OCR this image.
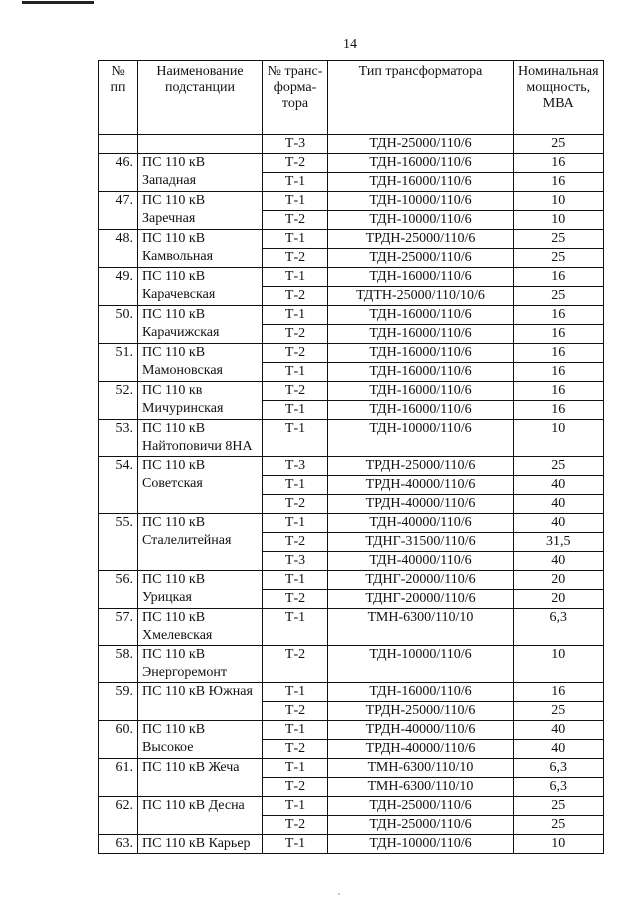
14
№ пп	Наименование подстанции	№ транс- форма- тора	Тип трансформатора	Номинальная мощность, МВА
		Т-3	ТДН-25000/110/6	25
46.	ПС 110 кВ Западная	Т-2	ТДН-16000/110/6	16
		Т-1	ТДН-16000/110/6	16
47.	ПС 110 кВ Заречная	Т-1	ТДН-10000/110/6	10
		Т-2	ТДН-10000/110/6	10
48.	ПС 110 кВ Камвольная	Т-1	ТРДН-25000/110/6	25
		Т-2	ТДН-25000/110/6	25
49.	ПС 110 кВ Карачевская	Т-1	ТДН-16000/110/6	16
		Т-2	ТДТН-25000/110/10/6	25
50.	ПС 110 кВ Карачижская	Т-1	ТДН-16000/110/6	16
		Т-2	ТДН-16000/110/6	16
51.	ПС 110 кВ Мамоновская	Т-2	ТДН-16000/110/6	16
		Т-1	ТДН-16000/110/6	16
52.	ПС 110 кв Мичуринская	Т-2	ТДН-16000/110/6	16
		Т-1	ТДН-16000/110/6	16
53.	ПС 110 кВ Найтоповичи 8НА	Т-1	ТДН-10000/110/6	10
54.	ПС 110 кВ Советская	Т-3	ТРДН-25000/110/6	25
		Т-1	ТРДН-40000/110/6	40
		Т-2	ТРДН-40000/110/6	40
55.	ПС 110 кВ Сталелитейная	Т-1	ТДН-40000/110/6	40
		Т-2	ТДНГ-31500/110/6	31,5
		Т-3	ТДН-40000/110/6	40
56.	ПС 110 кВ Урицкая	Т-1	ТДНГ-20000/110/6	20
		Т-2	ТДНГ-20000/110/6	20
57.	ПС 110 кВ Хмелевская	Т-1	ТМН-6300/110/10	6,3
58.	ПС 110 кВ Энергоремонт	Т-2	ТДН-10000/110/6	10
59.	ПС 110 кВ Южная	Т-1	ТДН-16000/110/6	16
		Т-2	ТРДН-25000/110/6	25
60.	ПС 110 кВ Высокое	Т-1	ТРДН-40000/110/6	40
		Т-2	ТРДН-40000/110/6	40
61.	ПС 110 кВ Жеча	Т-1	ТМН-6300/110/10	6,3
		Т-2	ТМН-6300/110/10	6,3
62.	ПС 110 кВ Десна	Т-1	ТДН-25000/110/6	25
		Т-2	ТДН-25000/110/6	25
63.	ПС 110 кВ Карьер	Т-1	ТДН-10000/110/6	10
